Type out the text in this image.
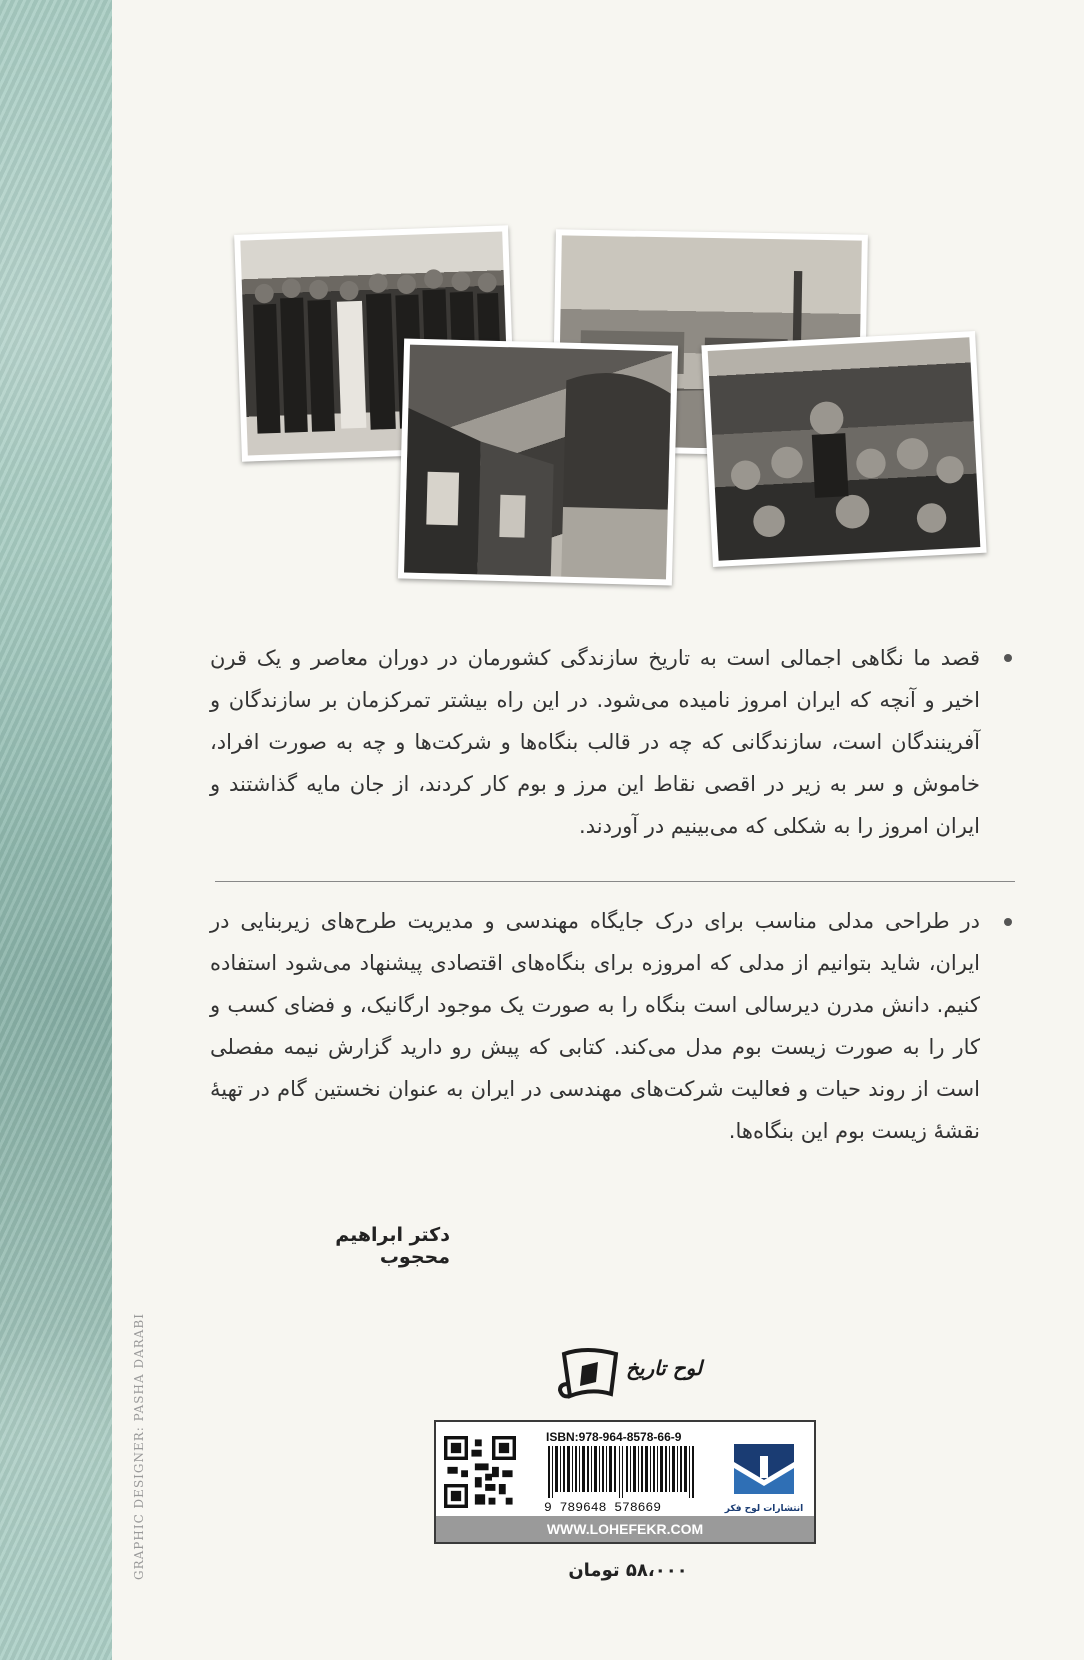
GRAPHIC DESIGNER: PASHA DARABI
قصد ما نگاهی اجمالی است به تاریخ سازندگی کشورمان در دوران معاصر و یک قرن اخیر و آنچه که ایران امروز نامیده می‌شود. در این راه بیشتر تمرکزمان بر سازندگان و آفرینندگان است، سازندگانی که چه در قالب بنگاه‌ها و شرکت‌ها و چه به صورت افراد، خاموش و سر به زیر در اقصی نقاط این مرز و بوم کار کردند، از جان مایه گذاشتند و ایران امروز را به شکلی که می‌بینیم در آوردند.
در طراحی مدلی مناسب برای درک جایگاه مهندسی و مدیریت طرح‌های زیربنایی در ایران، شاید بتوانیم از مدلی که امروزه برای بنگاه‌های اقتصادی پیشنهاد می‌شود استفاده کنیم. دانش مدرن دیرسالی است بنگاه را به صورت یک موجود ارگانیک، و فضای کسب و کار را به صورت زیست بوم مدل می‌کند. کتابی که پیش رو دارید گزارش نیمه مفصلی است از روند حیات و فعالیت شرکت‌های مهندسی در ایران به عنوان نخستین گام در تهیهٔ نقشهٔ زیست بوم این بنگاه‌ها.
دکتر ابراهیم محجوب
لوح تاریخ
ISBN:978-964-8578-66-9
9 789648 578669	انتشارات لوح فکر
WWW.LOHEFEKR.COM
۵۸،۰۰۰ تومان
